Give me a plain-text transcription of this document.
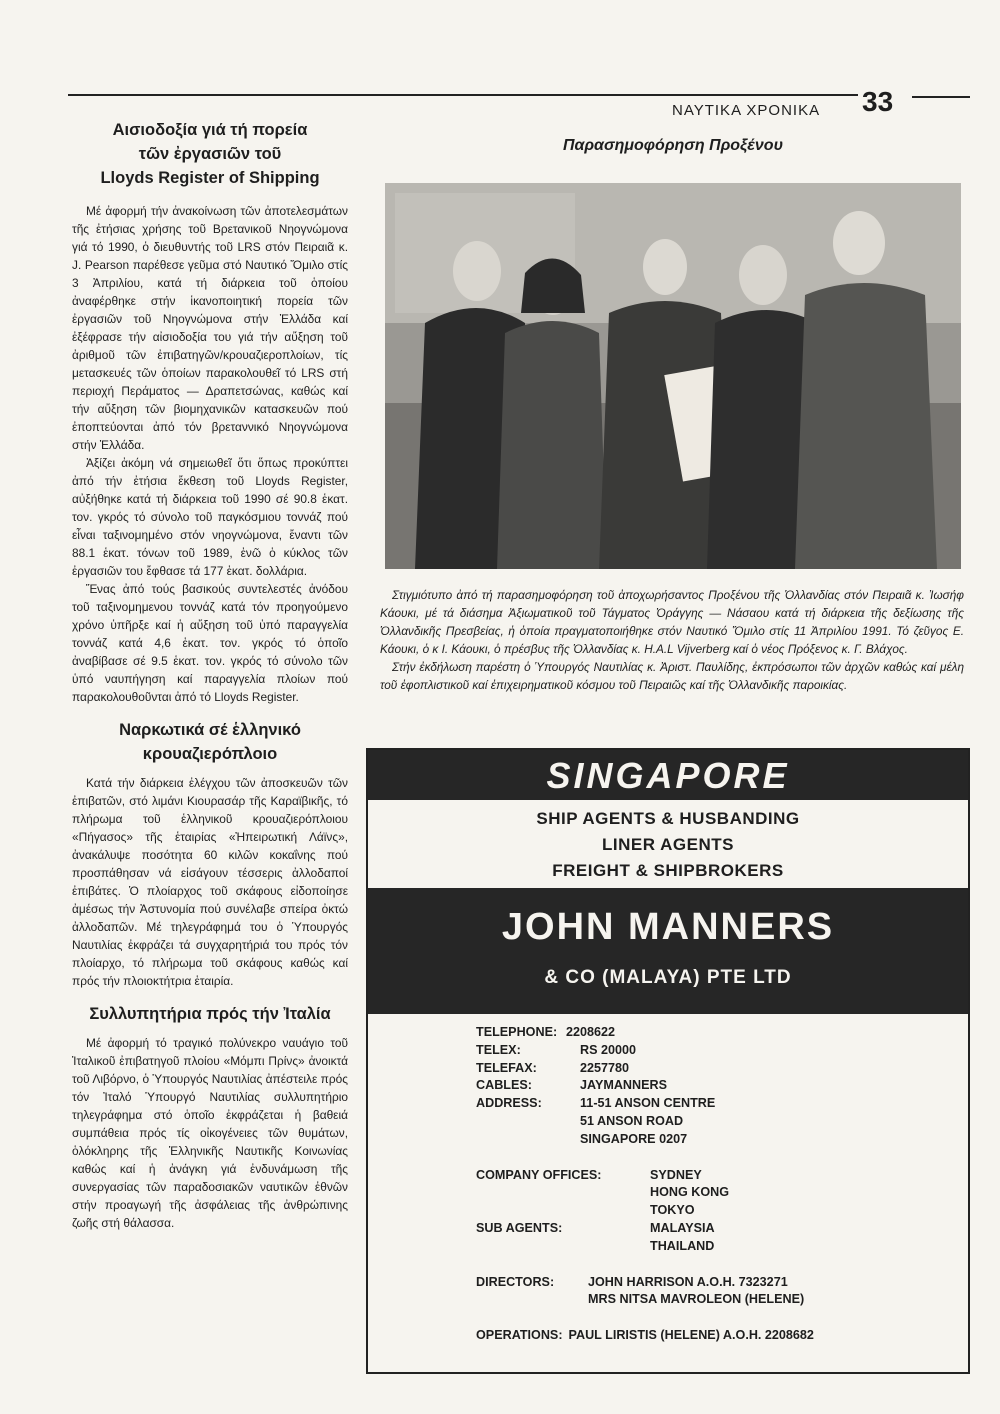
ΝΑΥΤΙΚΑ ΧΡΟΝΙΚΑ 33
Αισιοδοξία γιά τή πορεία
τῶν ἐργασιῶν τοῦ
Lloyds Register of Shipping

Μέ ἀφορμή τήν ἀνακοίνωση τῶν ἀποτελεσμάτων τῆς ἐτήσιας χρήσης τοῦ Βρετανικοῦ Νηογνώμονα γιά τό 1990, ὁ διευθυντής τοῦ LRS στόν Πειραιᾶ κ. J. Pearson παρέθεσε γεῦμα στό Ναυτικό Ὅμιλο στίς 3 Ἀπριλίου, κατά τή διάρκεια τοῦ ὁποίου ἀναφέρθηκε στήν ἱκανοποιητική πορεία τῶν ἐργασιῶν τοῦ Νηογνώμονα στήν Ἑλλάδα καί ἐξέφρασε τήν αἰσιοδοξία του γιά τήν αὔξηση τοῦ ἀριθμοῦ τῶν ἐπιβατηγῶν/κρουαζιεροπλοίων, τίς μετασκευές τῶν ὁποίων παρακολουθεῖ τό LRS στή περιοχή Περάματος — Δραπετσώνας, καθώς καί τήν αὔξηση τῶν βιομηχανικῶν κατασκευῶν πού ἐποπτεύονται ἀπό τόν βρεταννικό Νηογνώμονα στήν Ἑλλάδα.

Ἀξίζει ἀκόμη νά σημειωθεῖ ὅτι ὅπως προκύπτει ἀπό τήν ἐτήσια ἔκθεση τοῦ Lloyds Register, αὐξήθηκε κατά τή διάρκεια τοῦ 1990 σέ 90.8 ἑκατ. τον. γκρός τό σύνολο τοῦ παγκόσμιου τοννάζ πού εἶναι ταξινομημένο στόν νηογνώμονα, ἔναντι τῶν 88.1 ἑκατ. τόνων τοῦ 1989, ἐνῶ ὁ κύκλος τῶν ἐργασιῶν του ἔφθασε τά 177 ἑκατ. δολλάρια.

Ἕνας ἀπό τούς βασικούς συντελεστές ἀνόδου τοῦ ταξινομημενου τοννάζ κατά τόν προηγούμενο χρόνο ὑπῆρξε καί ἡ αὔξηση τοῦ ὑπό παραγγελία τοννάζ κατά 4,6 ἑκατ. τον. γκρός τό ὁποῖο ἀναβίβασε σέ 9.5 ἑκατ. τον. γκρός τό σύνολο τῶν ὑπό ναυπήγηση καί παραγγελία πλοίων πού παρακολουθοῦνται ἀπό τό Lloyds Register.

Ναρκωτικά σέ ἑλληνικό
κρουαζιερόπλοιο

Κατά τήν διάρκεια ἐλέγχου τῶν ἀποσκευῶν τῶν ἐπιβατῶν, στό λιμάνι Κιουρασάρ τῆς Καραϊβικῆς, τό πλήρωμα τοῦ ἑλληνικοῦ κρουαζιερόπλοιου «Πήγασος» τῆς ἑταιρίας «Ἠπειρωτική Λάϊνς», ἀνακάλυψε ποσότητα 60 κιλῶν κοκαΐνης πού προσπάθησαν νά εἰσάγουν τέσσερις ἀλλοδαποί ἐπιβάτες. Ὁ πλοίαρχος τοῦ σκάφους εἰδοποίησε ἀμέσως τήν Ἀστυνομία πού συνέλαβε σπείρα ὀκτώ ἀλλοδαπῶν. Μέ τηλεγράφημά του ὁ Ὑπουργός Ναυτιλίας ἐκφράζει τά συγχαρητήριά του πρός τόν πλοίαρχο, τό πλήρωμα τοῦ σκάφους καθώς καί πρός τήν πλοιοκτήτρια ἑταιρία.

Συλλυπητήρια πρός τήν Ἰταλία

Μέ ἀφορμή τό τραγικό πολύνεκρο ναυάγιο τοῦ Ἰταλικοῦ ἐπιβατηγοῦ πλοίου «Μόμπι Πρίνς» ἀνοικτά τοῦ Λιβόρνο, ὁ Ὑπουργός Ναυτιλίας ἀπέστειλε πρός τόν Ἰταλό Ὑπουργό Ναυτιλίας συλλυπητήριο τηλεγράφημα στό ὁποῖο ἐκφράζεται ἡ βαθειά συμπάθεια πρός τίς οἰκογένειες τῶν θυμάτων, ὁλόκληρης τῆς Ἑλληνικῆς Ναυτικῆς Κοινωνίας καθώς καί ἡ ἀνάγκη γιά ἐνδυνάμωση τῆς συνεργασίας τῶν παραδοσιακῶν ναυτικῶν ἐθνῶν στήν προαγωγή τῆς ἀσφάλειας τῆς ἀνθρώπινης ζωῆς στή θάλασσα.

Παρασημοφόρηση Προξένου

Στιγμιότυπο ἀπό τή παρασημοφόρηση τοῦ ἀποχωρήσαντος Προξένου τῆς Ὁλλανδίας στόν Πειραιᾶ κ. Ἰωσήφ Κάουκι, μέ τά διάσημα Ἀξιωματικοῦ τοῦ Τάγματος Ὀράγγης — Νάσαου κατά τή διάρκεια τῆς δεξίωσης τῆς Ὁλλανδικῆς Πρεσβείας, ἡ ὁποία πραγματοποιήθηκε στόν Ναυτικό Ὅμιλο στίς 11 Ἀπριλίου 1991. Τό ζεῦγος Ε. Κάουκι, ὁ κ Ι. Κάουκι, ὁ πρέσβυς τῆς Ὁλλανδίας κ. H.A.L Vijverberg καί ὁ νέος Πρόξενος κ. Γ. Βλάχος.

Στήν ἐκδήλωση παρέστη ὁ Ὑπουργός Ναυτιλίας κ. Ἀριστ. Παυλίδης, ἐκπρόσωποι τῶν ἀρχῶν καθώς καί μέλη τοῦ ἐφοπλιστικοῦ καί ἐπιχειρηματικοῦ κόσμου τοῦ Πειραιῶς καί τῆς Ὁλλανδικῆς παροικίας.

SINGAPORE
SHIP AGENTS & HUSBANDING
LINER AGENTS
FREIGHT & SHIPBROKERS
JOHN MANNERS
& CO (MALAYA) PTE LTD
TELEPHONE: 2208622
TELEX:	RS 20000
TELEFAX:	2257780
CABLES:	JAYMANNERS
ADDRESS:	11-51 ANSON CENTRE
51 ANSON ROAD
SINGAPORE 0207
COMPANY OFFICES:	SYDNEY
HONG KONG
TOKYO
SUB AGENTS:	MALAYSIA
THAILAND
DIRECTORS:	JOHN HARRISON A.O.H. 7323271
MRS NITSA MAVROLEON (HELENE)
OPERATIONS: PAUL LIRISTIS (HELENE) A.O.H. 2208682
